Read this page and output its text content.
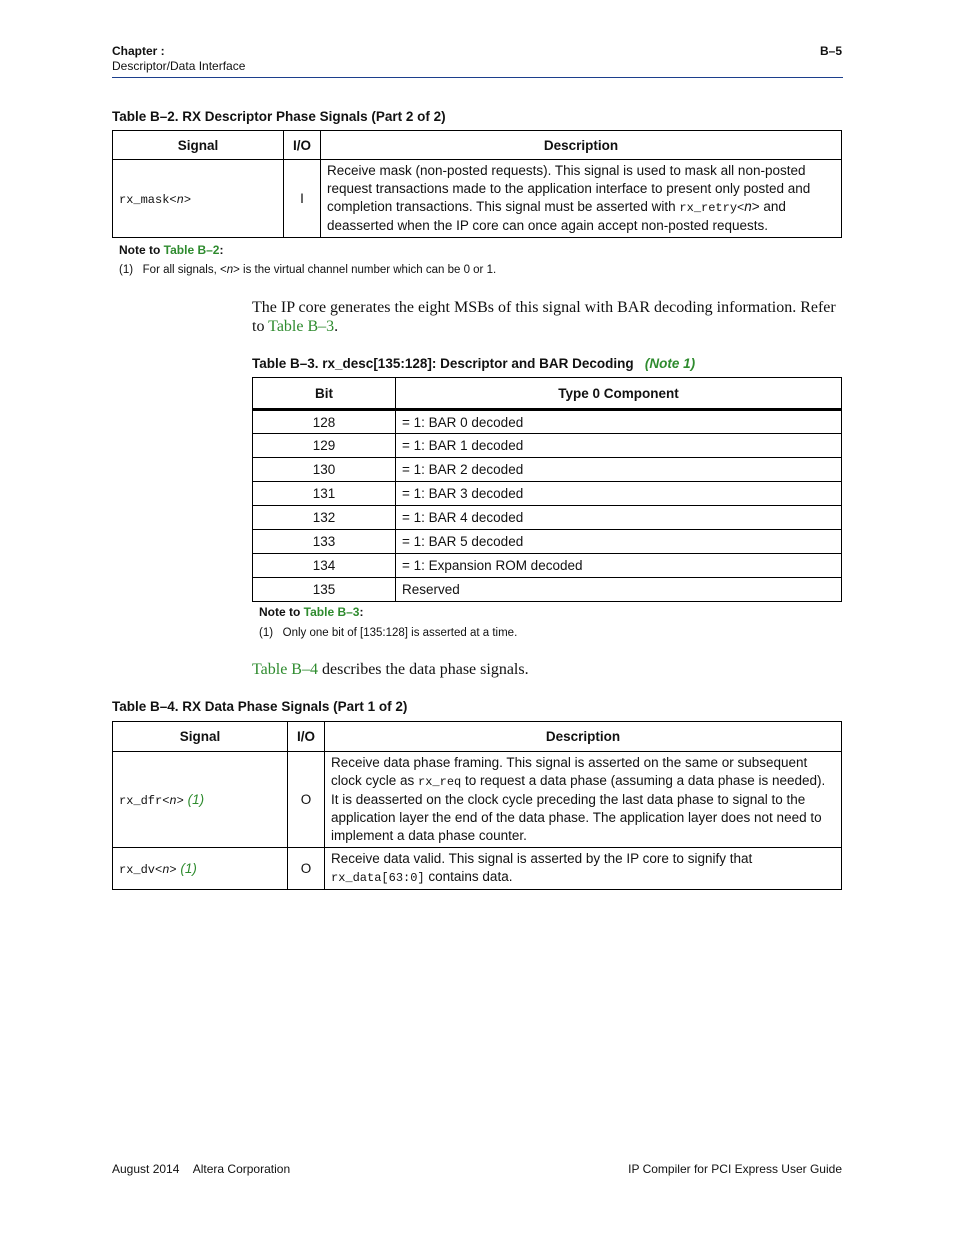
Chapter :
Descriptor/Data Interface
B–5
Table B–2. RX Descriptor Phase Signals (Part 2 of 2)
Signal	I/O	Description
rx_mask<n>	I	Receive mask (non-posted requests). This signal is used to mask all non-posted request transactions made to the application interface to present only posted and completion transactions. This signal must be asserted with rx_retry<n> and deasserted when the IP core can once again accept non-posted requests.
Note to Table B–2:
(1) For all signals, <n> is the virtual channel number which can be 0 or 1.
The IP core generates the eight MSBs of this signal with BAR decoding information. Refer to Table B–3.
Table B–3. rx_desc[135:128]: Descriptor and BAR Decoding (Note 1)
Bit	Type 0 Component
128	= 1: BAR 0 decoded
129	= 1: BAR 1 decoded
130	= 1: BAR 2 decoded
131	= 1: BAR 3 decoded
132	= 1: BAR 4 decoded
133	= 1: BAR 5 decoded
134	= 1: Expansion ROM decoded
135	Reserved
Note to Table B–3:
(1) Only one bit of [135:128] is asserted at a time.
Table B–4 describes the data phase signals.
Table B–4. RX Data Phase Signals (Part 1 of 2)
Signal	I/O	Description
rx_dfr<n> (1)	O	Receive data phase framing. This signal is asserted on the same or subsequent clock cycle as rx_req to request a data phase (assuming a data phase is needed). It is deasserted on the clock cycle preceding the last data phase to signal to the application layer the end of the data phase. The application layer does not need to implement a data phase counter.
rx_dv<n> (1)	O	Receive data valid. This signal is asserted by the IP core to signify that rx_data[63:0] contains data.
August 2014 Altera Corporation	IP Compiler for PCI Express User Guide
